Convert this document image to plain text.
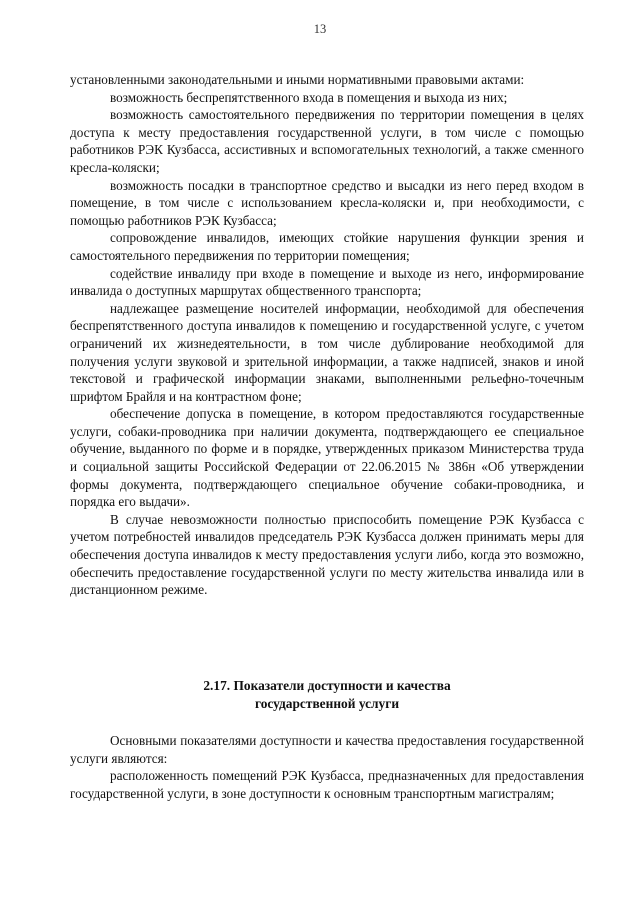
13

установленными законодательными и иными нормативными правовыми актами:

возможность беспрепятственного входа в помещения и выхода из них;

возможность самостоятельного передвижения по территории помещения в целях доступа к месту предоставления государственной услуги, в том числе с помощью работников РЭК Кузбасса, ассистивных и вспомогательных технологий, а также сменного кресла-коляски;

возможность посадки в транспортное средство и высадки из него перед входом в помещение, в том числе с использованием кресла-коляски и, при необходимости, с помощью работников РЭК Кузбасса;

сопровождение инвалидов, имеющих стойкие нарушения функции зрения и самостоятельного передвижения по территории помещения;

содействие инвалиду при входе в помещение и выходе из него, информирование инвалида о доступных маршрутах общественного транспорта;

надлежащее размещение носителей информации, необходимой для обеспечения беспрепятственного доступа инвалидов к помещению и государственной услуге, с учетом ограничений их жизнедеятельности, в том числе дублирование необходимой для получения услуги звуковой и зрительной информации, а также надписей, знаков и иной текстовой и графической информации знаками, выполненными рельефно-точечным шрифтом Брайля и на контрастном фоне;

обеспечение допуска в помещение, в котором предоставляются государственные услуги, собаки-проводника при наличии документа, подтверждающего ее специальное обучение, выданного по форме и в порядке, утвержденных приказом Министерства труда и социальной защиты Российской Федерации от 22.06.2015 № 386н «Об утверждении формы документа, подтверждающего специальное обучение собаки-проводника, и порядка его выдачи».

В случае невозможности полностью приспособить помещение РЭК Кузбасса с учетом потребностей инвалидов председатель РЭК Кузбасса должен принимать меры для обеспечения доступа инвалидов к месту предоставления услуги либо, когда это возможно, обеспечить предоставление государственной услуги по месту жительства инвалида или в дистанционном режиме.

2.17. Показатели доступности и качества
государственной услуги

Основными показателями доступности и качества предоставления государственной услуги являются:

расположенность помещений РЭК Кузбасса, предназначенных для предоставления государственной услуги, в зоне доступности к основным транспортным магистралям;
